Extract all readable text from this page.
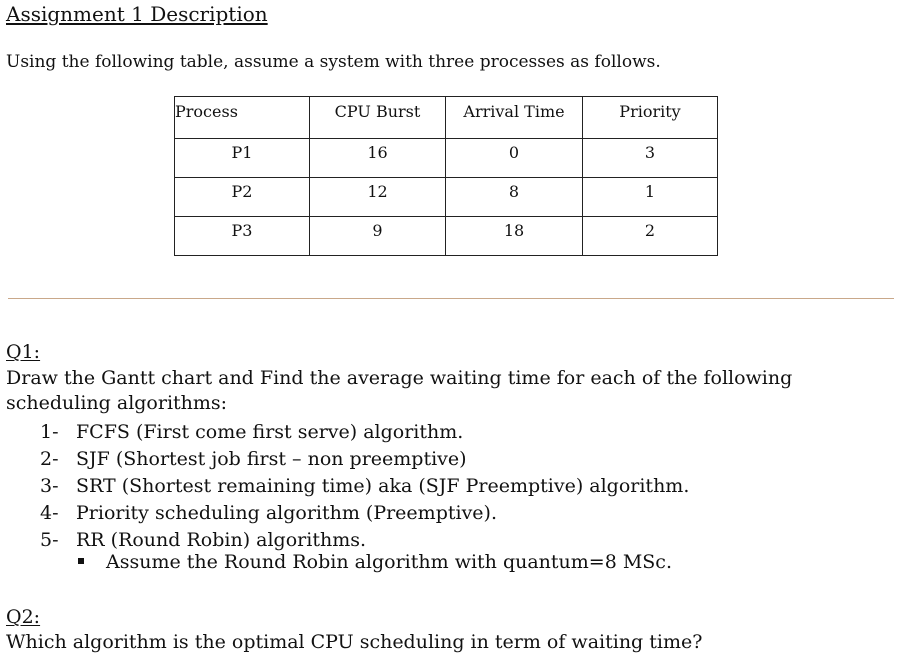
Assignment 1 Description
Using the following table, assume a system with three processes as follows.
Process	CPU Burst	Arrival Time	Priority
P1	16	0	3
P2	12	8	1
P3	9	18	2
Q1:
Draw the Gantt chart and Find the average waiting time for each of the following scheduling algorithms:
1- FCFS (First come first serve) algorithm.
2- SJF (Shortest job first – non preemptive)
3- SRT (Shortest remaining time) aka (SJF Preemptive) algorithm.
4- Priority scheduling algorithm (Preemptive).
5- RR (Round Robin) algorithms.
Assume the Round Robin algorithm with quantum=8 MSc.
Q2:
Which algorithm is the optimal CPU scheduling in term of waiting time?
